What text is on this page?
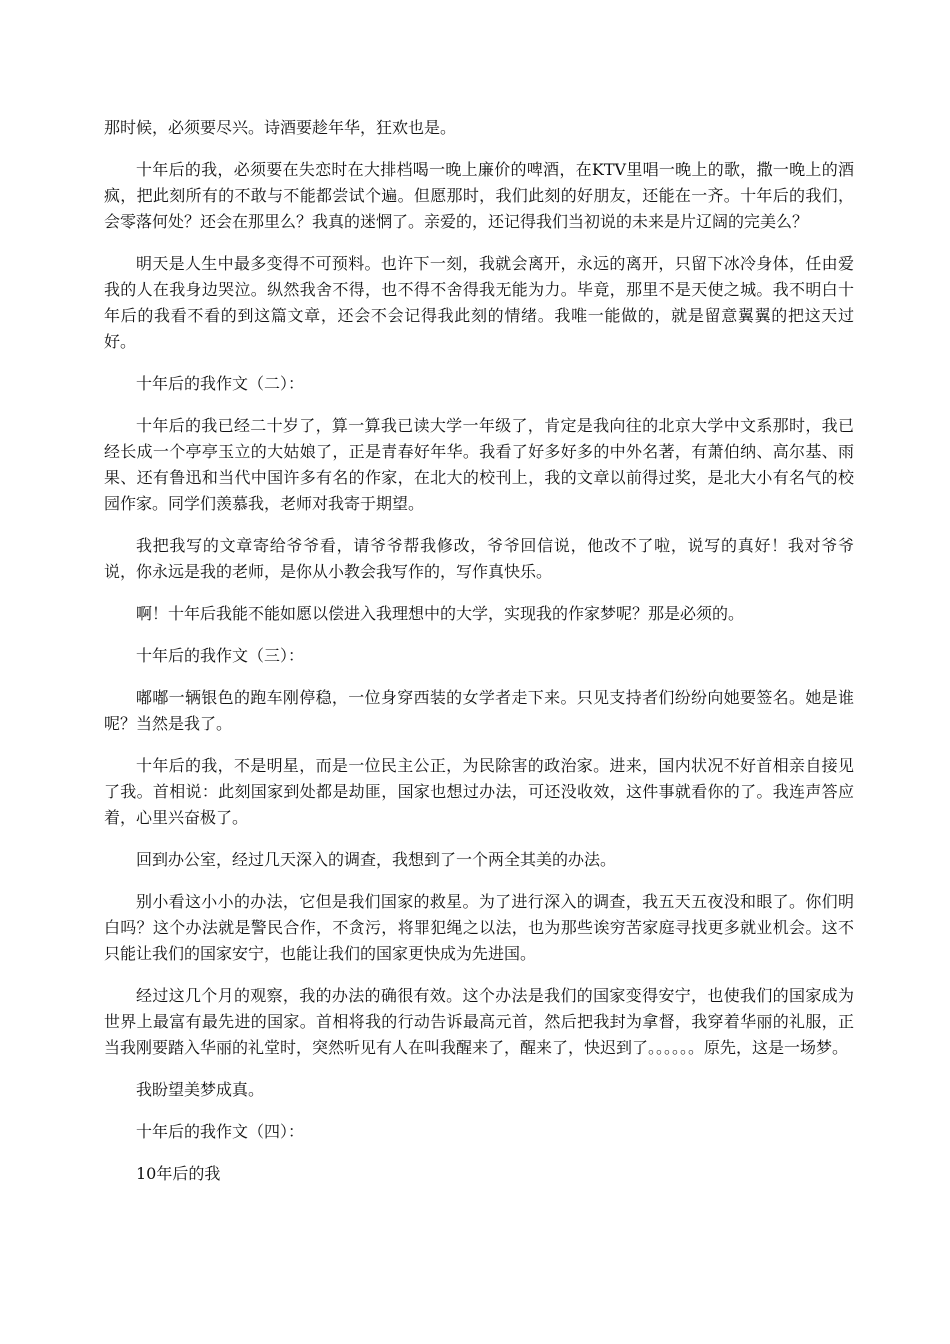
那时候，必须要尽兴。诗酒要趁年华，狂欢也是。

十年后的我，必须要在失恋时在大排档喝一晚上廉价的啤酒，在KTV里唱一晚上的歌，撒一晚上的酒疯，把此刻所有的不敢与不能都尝试个遍。但愿那时，我们此刻的好朋友，还能在一齐。十年后的我们，会零落何处？还会在那里么？我真的迷惘了。亲爱的，还记得我们当初说的未来是片辽阔的完美么？

明天是人生中最多变得不可预料。也许下一刻，我就会离开，永远的离开，只留下冰冷身体，任由爱我的人在我身边哭泣。纵然我舍不得，也不得不舍得我无能为力。毕竟，那里不是天使之城。我不明白十年后的我看不看的到这篇文章，还会不会记得我此刻的情绪。我唯一能做的，就是留意翼翼的把这天过好。

十年后的我作文（二）：

十年后的我已经二十岁了，算一算我已读大学一年级了，肯定是我向往的北京大学中文系那时，我已经长成一个亭亭玉立的大姑娘了，正是青春好年华。我看了好多好多的中外名著，有萧伯纳、高尔基、雨果、还有鲁迅和当代中国许多有名的作家，在北大的校刊上，我的文章以前得过奖，是北大小有名气的校园作家。同学们羡慕我，老师对我寄于期望。

我把我写的文章寄给爷爷看，请爷爷帮我修改，爷爷回信说，他改不了啦，说写的真好！我对爷爷说，你永远是我的老师，是你从小教会我写作的，写作真快乐。

啊！十年后我能不能如愿以偿进入我理想中的大学，实现我的作家梦呢？那是必须的。

十年后的我作文（三）：

嘟嘟一辆银色的跑车刚停稳，一位身穿西装的女学者走下来。只见支持者们纷纷向她要签名。她是谁呢？当然是我了。

十年后的我，不是明星，而是一位民主公正，为民除害的政治家。进来，国内状况不好首相亲自接见了我。首相说：此刻国家到处都是劫匪，国家也想过办法，可还没收效，这件事就看你的了。我连声答应着，心里兴奋极了。

回到办公室，经过几天深入的调查，我想到了一个两全其美的办法。

别小看这小小的办法，它但是我们国家的救星。为了进行深入的调查，我五天五夜没和眼了。你们明白吗？这个办法就是警民合作，不贪污，将罪犯绳之以法，也为那些诶穷苦家庭寻找更多就业机会。这不只能让我们的国家安宁，也能让我们的国家更快成为先进国。

经过这几个月的观察，我的办法的确很有效。这个办法是我们的国家变得安宁，也使我们的国家成为世界上最富有最先进的国家。首相将我的行动告诉最高元首，然后把我封为拿督，我穿着华丽的礼服，正当我刚要踏入华丽的礼堂时，突然听见有人在叫我醒来了，醒来了，快迟到了。。。。。。原先，这是一场梦。

我盼望美梦成真。

十年后的我作文（四）：

10年后的我
